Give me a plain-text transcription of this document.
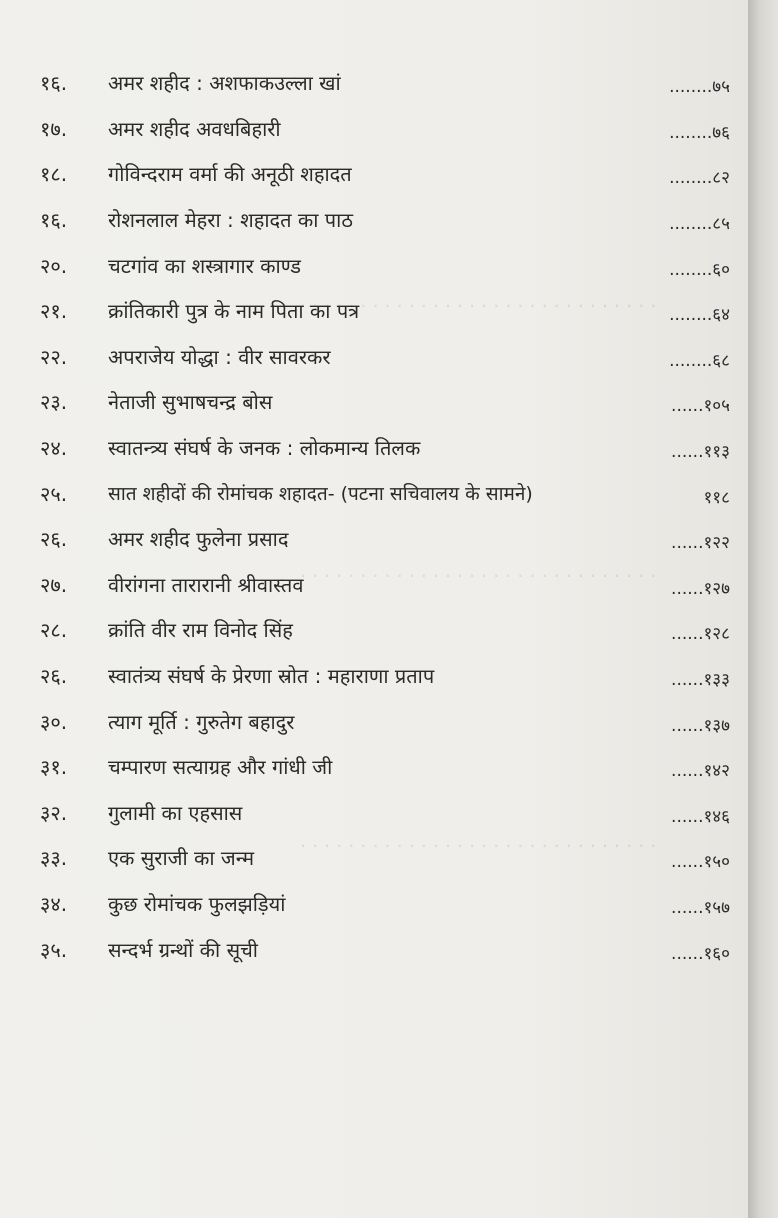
. . . . . . . . . . . . . . . . . . . . . . . . . . . . . .
. . . . . . . . . . . . . . . . . . . . . . . . . . . . . .
. . . . . . . . . . . . . . . . . . . . . . . . . . . . . .
१६.	अमर शहीद : अशफाकउल्ला खां	........७५
१७.	अमर शहीद अवधबिहारी	........७६
१८.	गोविन्दराम वर्मा की अनूठी शहादत	........८२
१६.	रोशनलाल मेहरा : शहादत का पाठ	........८५
२०.	चटगांव का शस्त्रागार काण्ड	........६०
२१.	क्रांतिकारी पुत्र के नाम पिता का पत्र	........६४
२२.	अपराजेय योद्धा : वीर सावरकर	........६८
२३.	नेताजी सुभाषचन्द्र बोस	......१०५
२४.	स्वातन्त्र्य संघर्ष के जनक : लोकमान्य तिलक	......११३
२५.	सात शहीदों की रोमांचक शहादत- (पटना सचिवालय के सामने)	११८
२६.	अमर शहीद फुलेना प्रसाद	......१२२
२७.	वीरांगना तारारानी श्रीवास्तव	......१२७
२८.	क्रांति वीर राम विनोद सिंह	......१२८
२६.	स्वातंत्र्य संघर्ष के प्रेरणा स्रोत : महाराणा प्रताप	......१३३
३०.	त्याग मूर्ति : गुरुतेग बहादुर	......१३७
३१.	चम्पारण सत्याग्रह और गांधी जी	......१४२
३२.	गुलामी का एहसास	......१४६
३३.	एक सुराजी का जन्म	......१५०
३४.	कुछ रोमांचक फुलझड़ियां	......१५७
३५.	सन्दर्भ ग्रन्थों की सूची	......१६०
